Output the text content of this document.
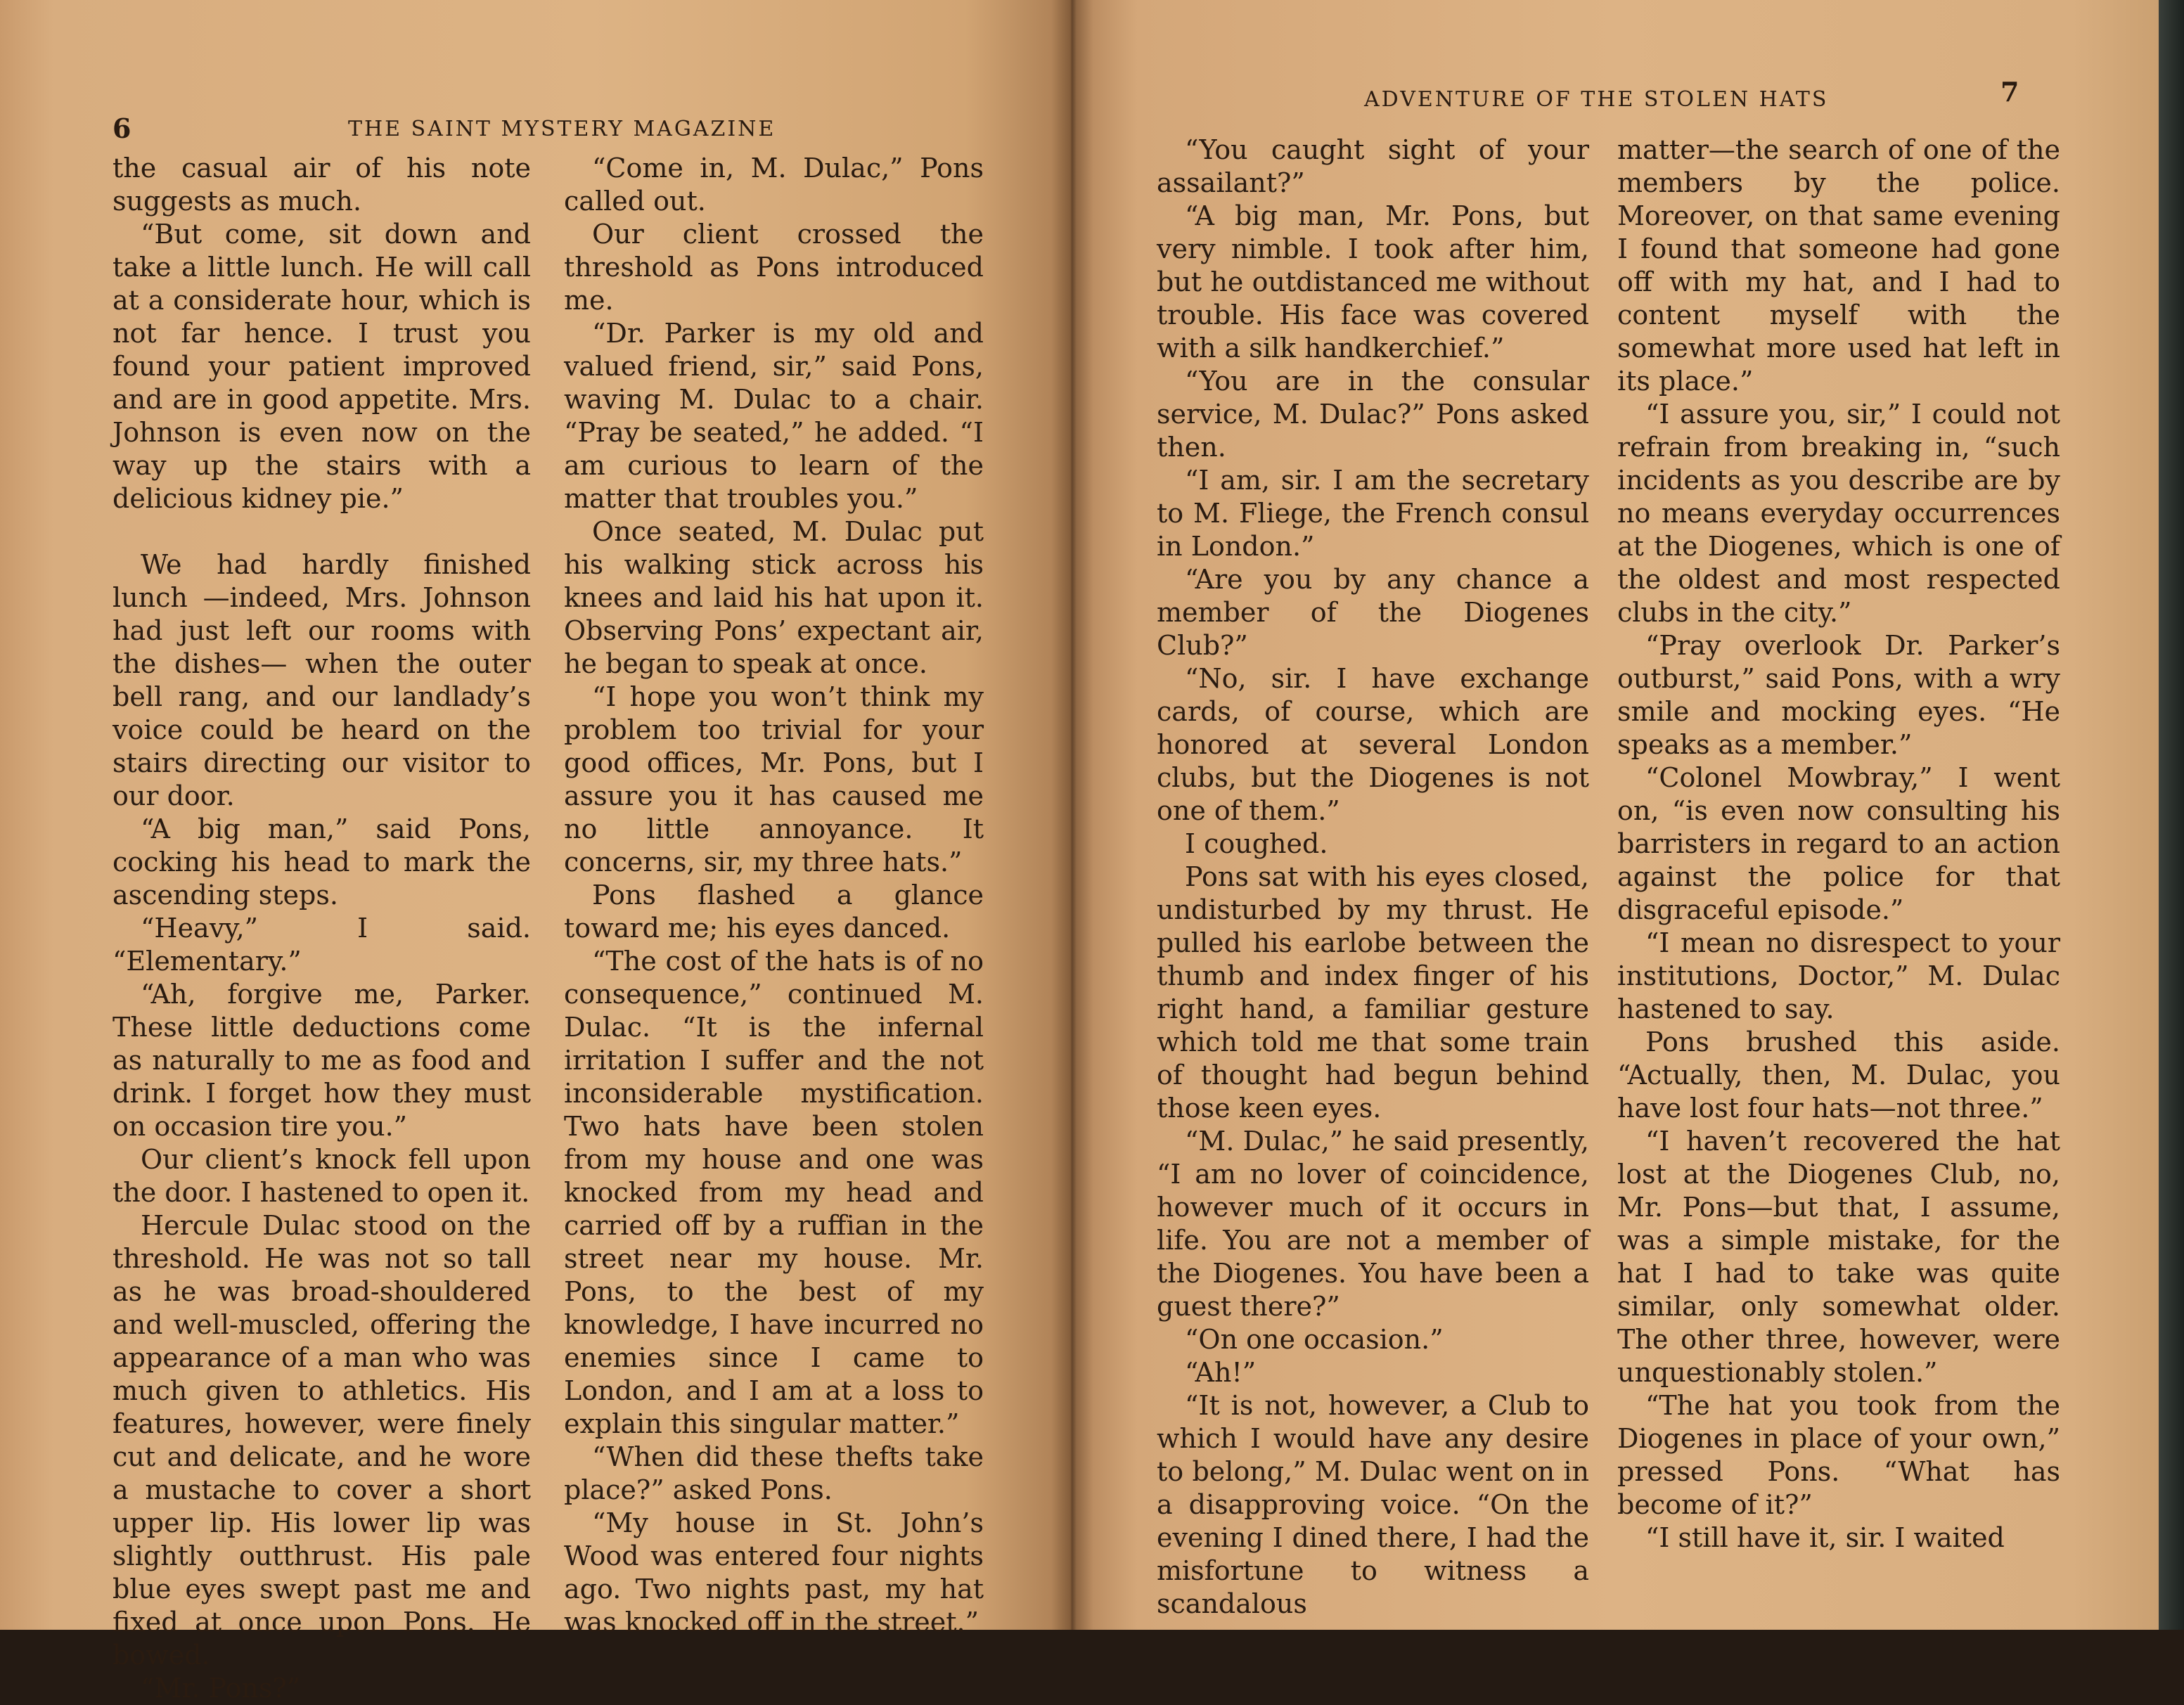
6	THE SAINT MYSTERY MAGAZINE

the casual air of his note suggests as much.

“But come, sit down and take a little lunch. He will call at a considerate hour, which is not far hence. I trust you found your patient improved and are in good appetite. Mrs. Johnson is even now on the way up the stairs with a delicious kidney pie.”

We had hardly finished lunch —indeed, Mrs. Johnson had just left our rooms with the dishes— when the outer bell rang, and our landlady’s voice could be heard on the stairs directing our visitor to our door.

“A big man,” said Pons, cocking his head to mark the ascending steps.

“Heavy,” I said. “Elementary.”

“Ah, forgive me, Parker. These little deductions come as naturally to me as food and drink. I forget how they must on occasion tire you.”

Our client’s knock fell upon the door. I hastened to open it.

Hercule Dulac stood on the threshold. He was not so tall as he was broad-shouldered and well-muscled, offering the appearance of a man who was much given to athletics. His features, however, were finely cut and delicate, and he wore a mustache to cover a short upper lip. His lower lip was slightly outthrust. His pale blue eyes swept past me and fixed at once upon Pons. He bowed.

“Mr. Pons?”

“Come in, M. Dulac,” Pons called out.

Our client crossed the threshold as Pons introduced me.

“Dr. Parker is my old and valued friend, sir,” said Pons, waving M. Dulac to a chair. “Pray be seated,” he added. “I am curious to learn of the matter that troubles you.”

Once seated, M. Dulac put his walking stick across his knees and laid his hat upon it. Observing Pons’ expectant air, he began to speak at once.

“I hope you won’t think my problem too trivial for your good offices, Mr. Pons, but I assure you it has caused me no little annoyance. It concerns, sir, my three hats.”

Pons flashed a glance toward me; his eyes danced.

“The cost of the hats is of no consequence,” continued M. Dulac. “It is the infernal irritation I suffer and the not inconsiderable mystification. Two hats have been stolen from my house and one was knocked from my head and carried off by a ruffian in the street near my house. Mr. Pons, to the best of my knowledge, I have incurred no enemies since I came to London, and I am at a loss to explain this singular matter.”

“When did these thefts take place?” asked Pons.

“My house in St. John’s Wood was entered four nights ago. Two nights past, my hat was knocked off in the street.”

ADVENTURE OF THE STOLEN HATS	7

“You caught sight of your assailant?”

“A big man, Mr. Pons, but very nimble. I took after him, but he outdistanced me without trouble. His face was covered with a silk handkerchief.”

“You are in the consular service, M. Dulac?” Pons asked then.

“I am, sir. I am the secretary to M. Fliege, the French consul in London.”

“Are you by any chance a member of the Diogenes Club?”

“No, sir. I have exchange cards, of course, which are honored at several London clubs, but the Diogenes is not one of them.”

I coughed.

Pons sat with his eyes closed, undisturbed by my thrust. He pulled his earlobe between the thumb and index finger of his right hand, a familiar gesture which told me that some train of thought had begun behind those keen eyes.

“M. Dulac,” he said presently, “I am no lover of coincidence, however much of it occurs in life. You are not a member of the Diogenes. You have been a guest there?”

“On one occasion.”

“Ah!”

“It is not, however, a Club to which I would have any desire to belong,” M. Dulac went on in a disapproving voice. “On the evening I dined there, I had the misfortune to witness a scandalous

matter—the search of one of the members by the police. Moreover, on that same evening I found that someone had gone off with my hat, and I had to content myself with the somewhat more used hat left in its place.”

“I assure you, sir,” I could not refrain from breaking in, “such incidents as you describe are by no means everyday occurrences at the Diogenes, which is one of the oldest and most respected clubs in the city.”

“Pray overlook Dr. Parker’s outburst,” said Pons, with a wry smile and mocking eyes. “He speaks as a member.”

“Colonel Mowbray,” I went on, “is even now consulting his barristers in regard to an action against the police for that disgraceful episode.”

“I mean no disrespect to your institutions, Doctor,” M. Dulac hastened to say.

Pons brushed this aside. “Actually, then, M. Dulac, you have lost four hats—not three.”

“I haven’t recovered the hat lost at the Diogenes Club, no, Mr. Pons—but that, I assume, was a simple mistake, for the hat I had to take was quite similar, only somewhat older. The other three, however, were unquestionably stolen.”

“The hat you took from the Diogenes in place of your own,” pressed Pons. “What has become of it?”

“I still have it, sir. I waited
